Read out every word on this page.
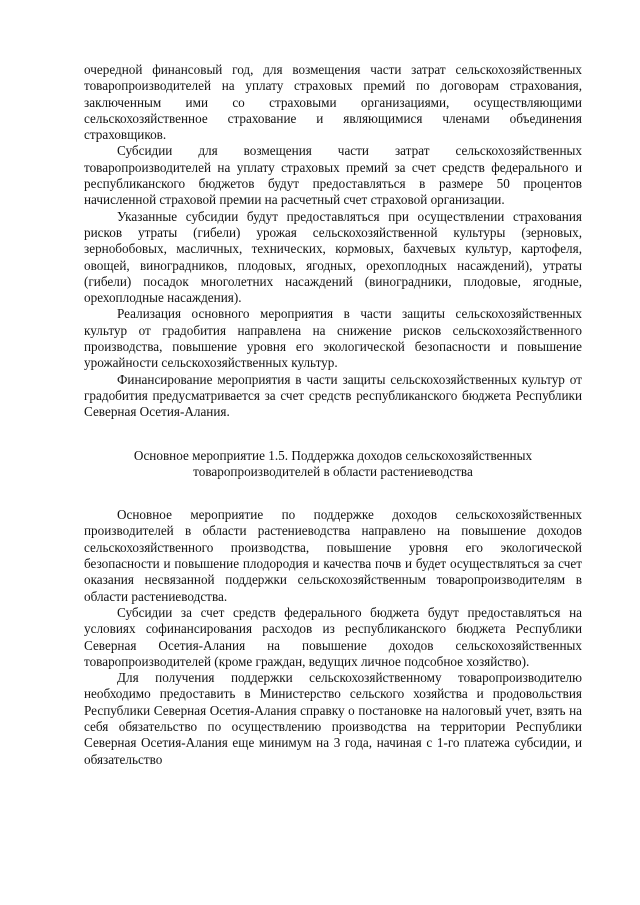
очередной финансовый год, для возмещения части затрат сельскохозяйственных товаропроизводителей на уплату страховых премий по договорам страхования, заключенным ими со страховыми организациями, осуществляющими сельскохозяйственное страхование и являющимися членами объединения страховщиков.

Субсидии для возмещения части затрат сельскохозяйственных товаропроизводителей на уплату страховых премий за счет средств федерального и республиканского бюджетов будут предоставляться в размере 50 процентов начисленной страховой премии на расчетный счет страховой организации.

Указанные субсидии будут предоставляться при осуществлении страхования рисков утраты (гибели) урожая сельскохозяйственной культуры (зерновых, зернобобовых, масличных, технических, кормовых, бахчевых культур, картофеля, овощей, виноградников, плодовых, ягодных, орехоплодных насаждений), утраты (гибели) посадок многолетних насаждений (виноградники, плодовые, ягодные, орехоплодные насаждения).

Реализация основного мероприятия в части защиты сельскохозяйственных культур от градобития направлена на снижение рисков сельскохозяйственного производства, повышение уровня его экологической безопасности и повышение урожайности сельскохозяйственных культур.

Финансирование мероприятия в части защиты сельскохозяйственных культур от градобития предусматривается за счет средств республиканского бюджета Республики Северная Осетия-Алания.

Основное мероприятие 1.5. Поддержка доходов сельскохозяйственных
товаропроизводителей в области растениеводства

Основное мероприятие по поддержке доходов сельскохозяйственных производителей в области растениеводства направлено на повышение доходов сельскохозяйственного производства, повышение уровня его экологической безопасности и повышение плодородия и качества почв и будет осуществляться за счет оказания несвязанной поддержки сельскохозяйственным товаропроизводителям в области растениеводства.

Субсидии за счет средств федерального бюджета будут предоставляться на условиях софинансирования расходов из республиканского бюджета Республики Северная Осетия-Алания на повышение доходов сельскохозяйственных товаропроизводителей (кроме граждан, ведущих личное подсобное хозяйство).

Для получения поддержки сельскохозяйственному товаропроизводителю необходимо предоставить в Министерство сельского хозяйства и продовольствия Республики Северная Осетия-Алания справку о постановке на налоговый учет, взять на себя обязательство по осуществлению производства на территории Республики Северная Осетия-Алания еще минимум на 3 года, начиная с 1-го платежа субсидии, и обязательство
